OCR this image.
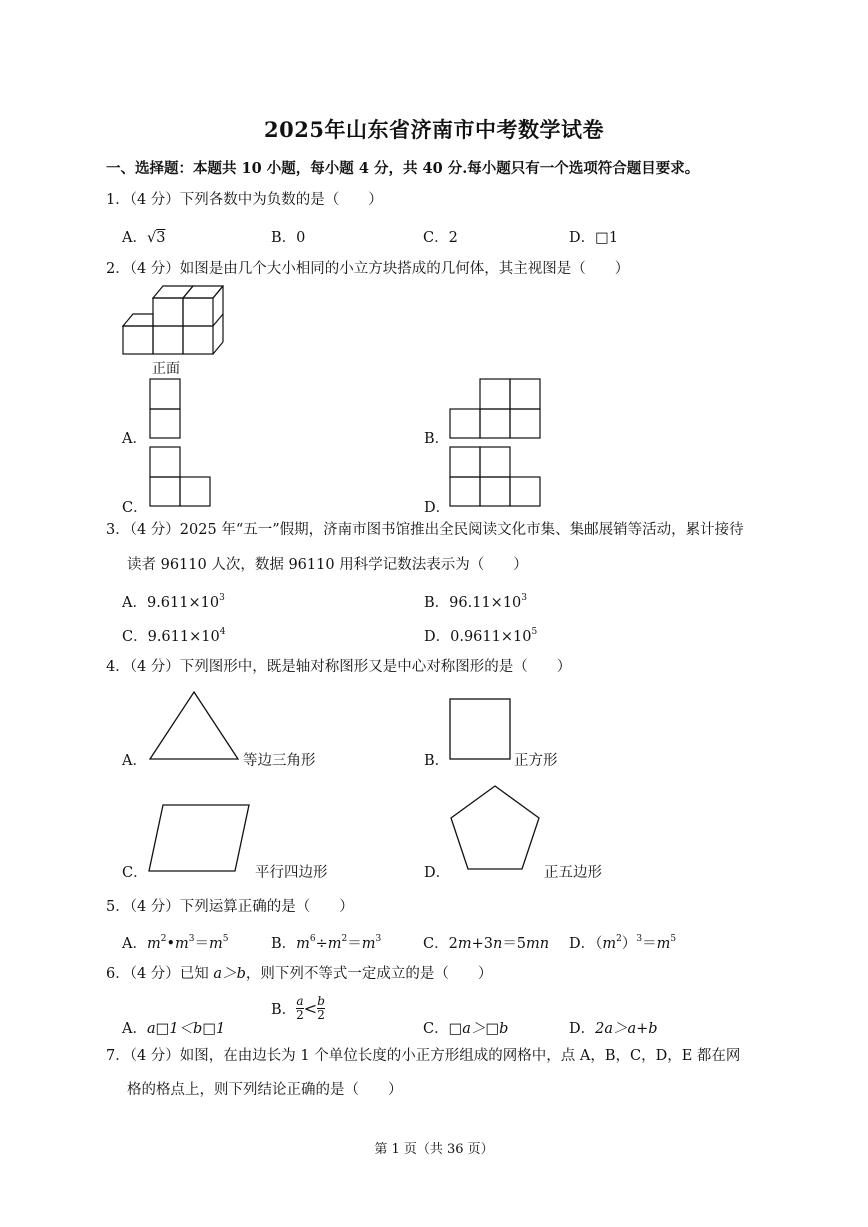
2025年山东省济南市中考数学试卷
一、选择题：本题共 10 小题，每小题 4 分，共 40 分.每小题只有一个选项符合题目要求。
1．（4 分）下列各数中为负数的是（　　）
A．√3	B．0	C．2	D．□1
2．（4 分）如图是由几个大小相同的小立方块搭成的几何体，其主视图是（　　）
正面
A．	B．
C．	D．
3．（4 分）2025 年“五一”假期，济南市图书馆推出全民阅读文化市集、集邮展销等活动，累计接待
读者 96110 人次，数据 96110 用科学记数法表示为（　　）
A．$9.611\times 10^3$	B．$96.11\times 10^3$
C．$9.611\times 10^4$	D．$0.9611\times 10^5$
4．（4 分）下列图形中，既是轴对称图形又是中心对称图形的是（　　）
A．	等边三角形	B．	正方形
C．	平行四边形	D．	正五边形
5．（4 分）下列运算正确的是（　　）
A．$m^2•m^3=m^5$	B．$m^6\div m^2=m^3$	C．2m+3n＝5mn D．$(m^2)^3=m^5$
6．（4 分）已知 a＞b，则下列不等式一定成立的是（　　）
A．a□1＜b□1
B． $\frac{a}{2} < \frac{b}{2}$
C．□a＞□b	D．2a＞a+b
7．（4 分）如图，在由边长为 1 个单位长度的小正方形组成的网格中，点 A，B，C，D，E 都在网
格的格点上，则下列结论正确的是（　　）
第 1 页（共 36 页）
